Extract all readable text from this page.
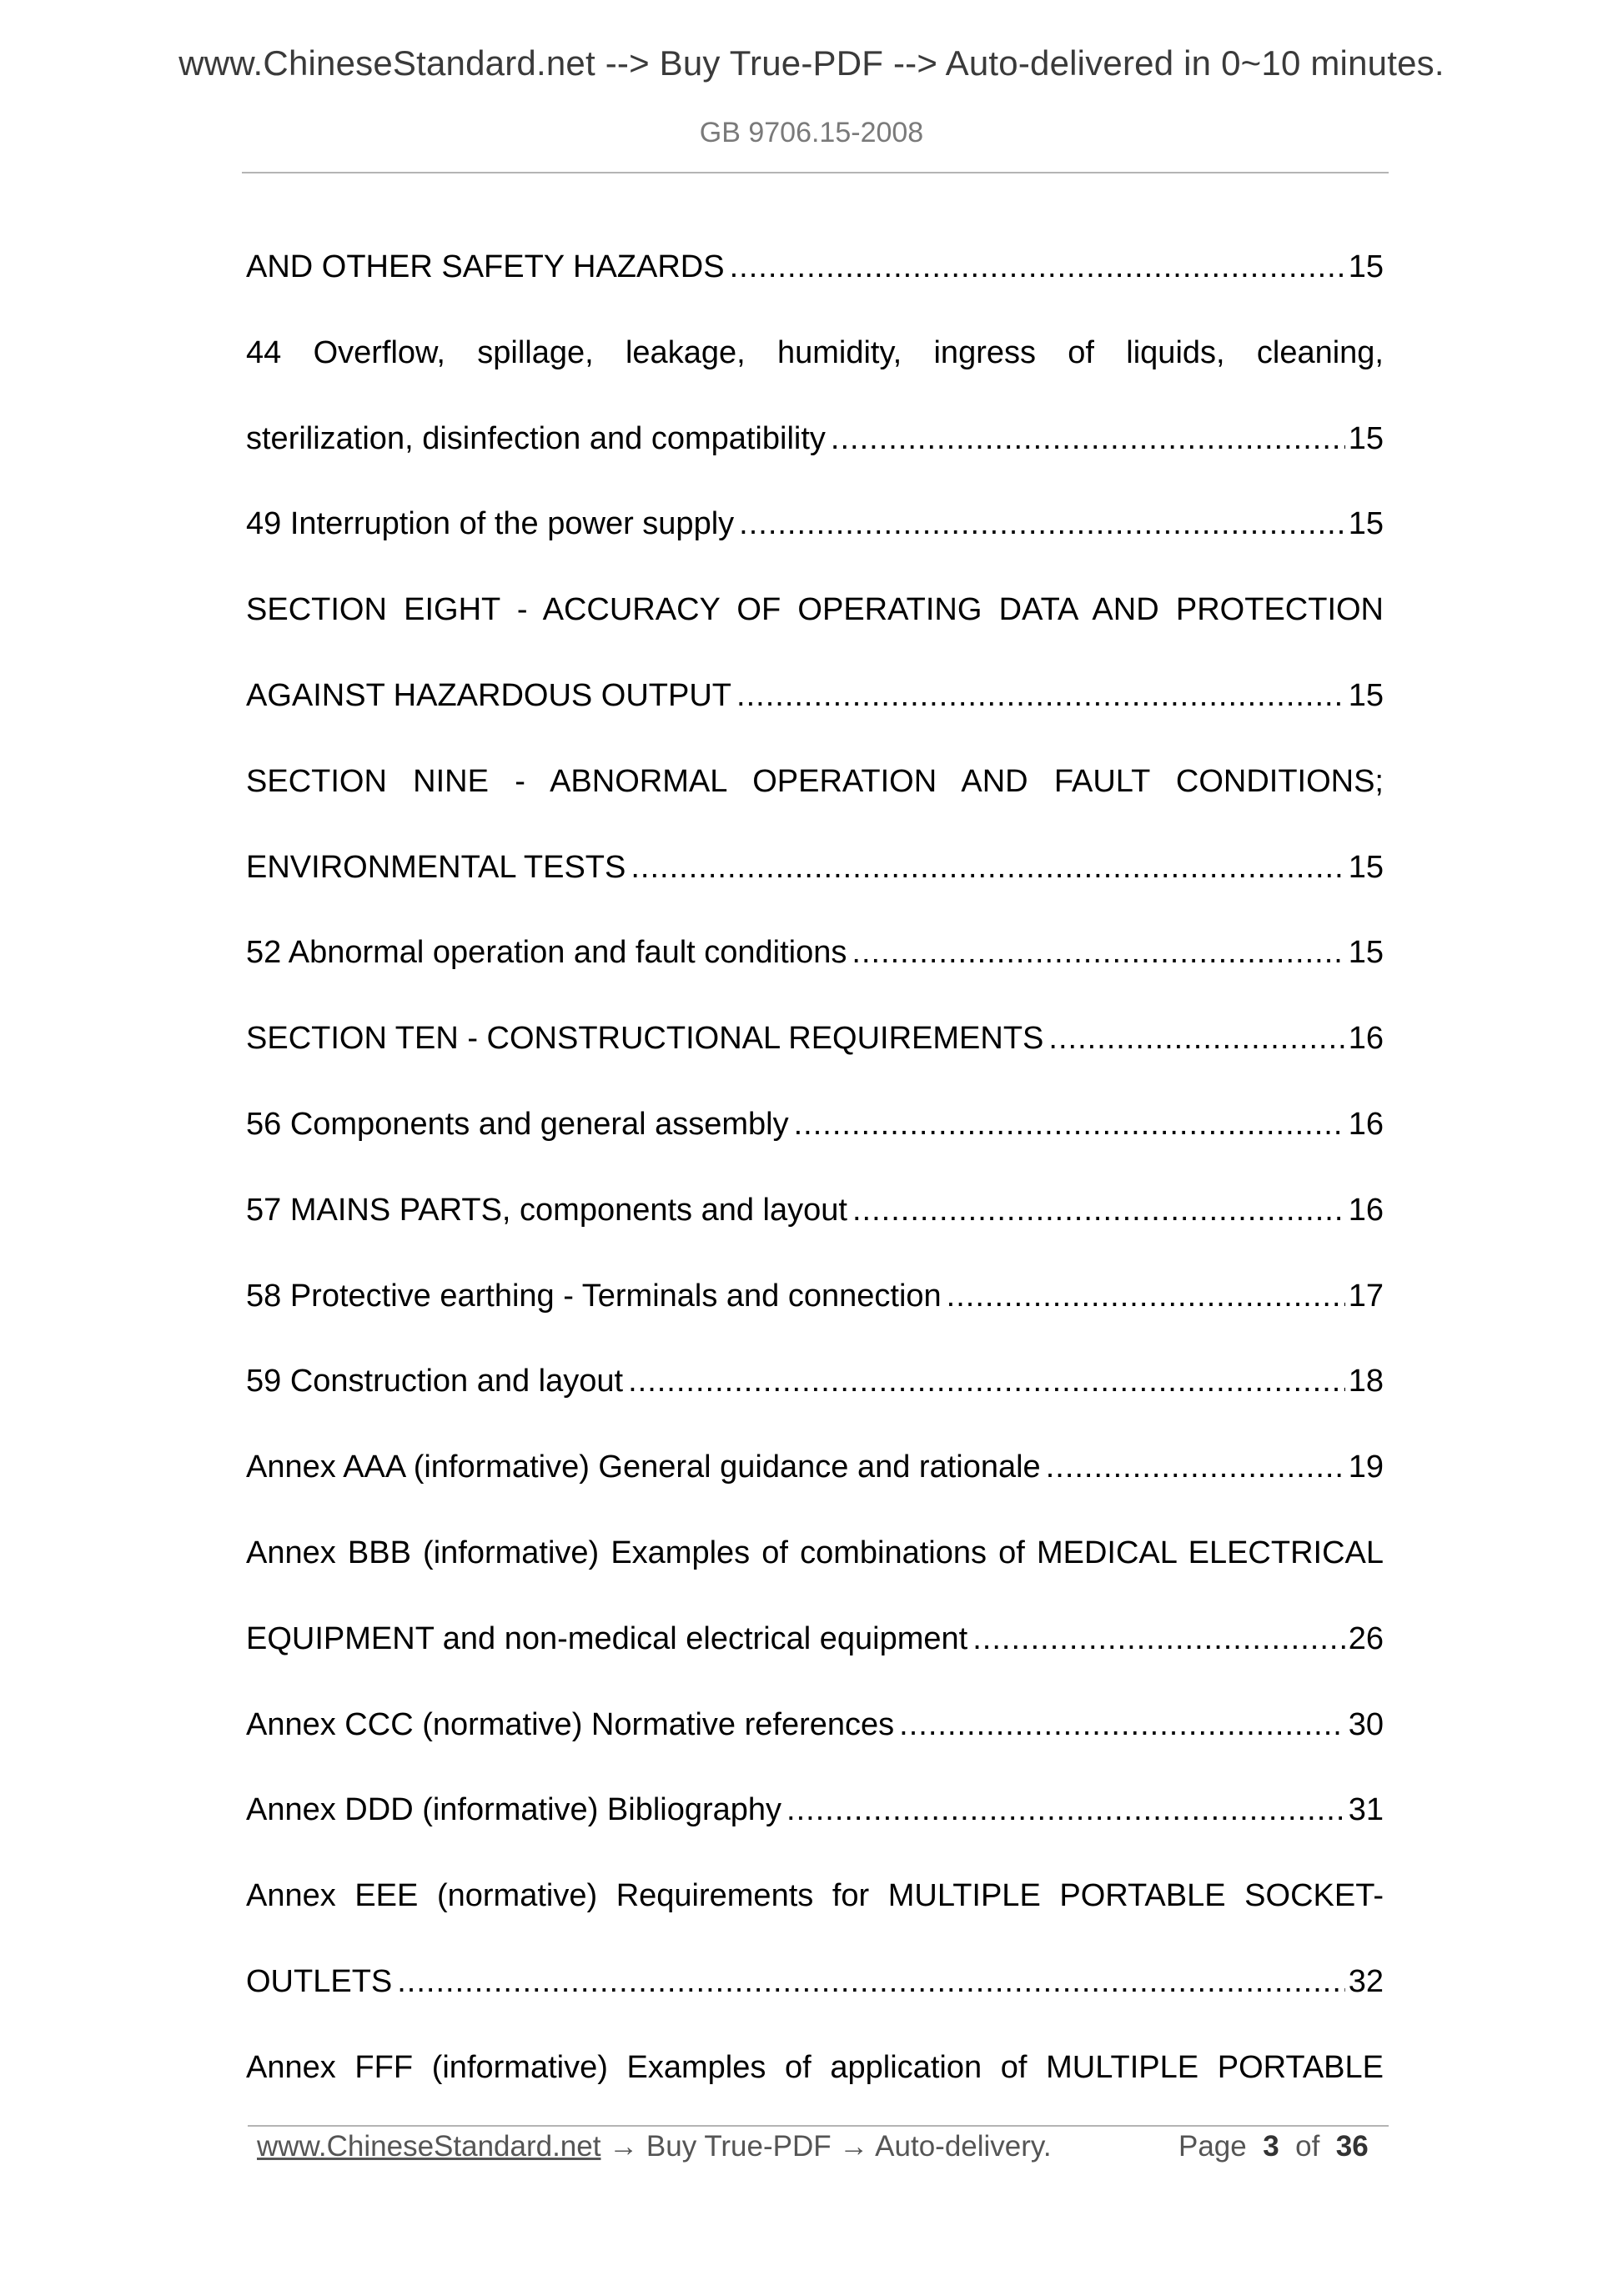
www.ChineseStandard.net --> Buy True-PDF --> Auto-delivered in 0~10 minutes.
GB 9706.15-2008
AND OTHER SAFETY HAZARDS .....	15
44 Overflow, spillage, leakage, humidity, ingress of liquids, cleaning,
sterilization, disinfection and compatibility .....	15
49 Interruption of the power supply .....	15
SECTION EIGHT - ACCURACY OF OPERATING DATA AND PROTECTION
AGAINST HAZARDOUS OUTPUT .....	15
SECTION NINE - ABNORMAL OPERATION AND FAULT CONDITIONS;
ENVIRONMENTAL TESTS .....	15
52 Abnormal operation and fault conditions .....	15
SECTION TEN - CONSTRUCTIONAL REQUIREMENTS .....	16
56 Components and general assembly .....	16
57 MAINS PARTS, components and layout .....	16
58 Protective earthing - Terminals and connection .....	17
59 Construction and layout .....	18
Annex AAA (informative) General guidance and rationale .....	19
Annex BBB (informative) Examples of combinations of MEDICAL ELECTRICAL
EQUIPMENT and non-medical electrical equipment .....	26
Annex CCC (normative) Normative references .....	30
Annex DDD (informative) Bibliography .....	31
Annex EEE (normative) Requirements for MULTIPLE PORTABLE SOCKET-
OUTLETS .....	32
Annex FFF (informative) Examples of application of MULTIPLE PORTABLE
www.ChineseStandard.net → Buy True-PDF → Auto-delivery.	Page 3 of 36
